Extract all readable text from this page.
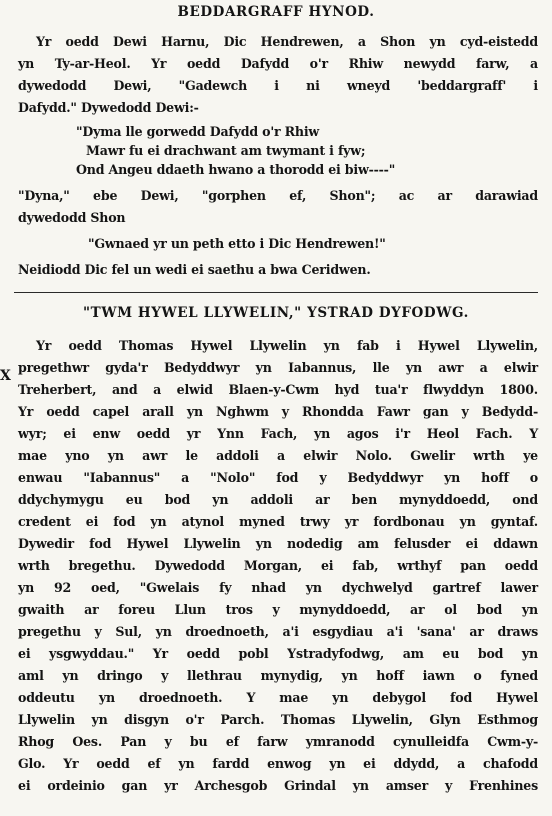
BEDDARGRAFF HYNOD.
Yr oedd Dewi Harnu, Dic Hendrewen, a Shon yn cyd-eistedd
yn Ty-ar-Heol. Yr oedd Dafydd o'r Rhiw newydd farw, a
dywedodd Dewi, "Gadewch i ni wneyd 'beddargraff' i
Dafydd." Dywedodd Dewi:-
"Dyma lle gorwedd Dafydd o'r Rhiw
Mawr fu ei drachwant am twymant i fyw;
Ond Angeu ddaeth hwano a thorodd ei biw----"
"Dyna," ebe Dewi, "gorphen ef, Shon"; ac ar darawiad
dywedodd Shon
"Gwnaed yr un peth etto i Dic Hendrewen!"
Neidiodd Dic fel un wedi ei saethu a bwa Ceridwen.
"TWM HYWEL LLYWELIN," YSTRAD DYFODWG.
X
Yr oedd Thomas Hywel Llywelin yn fab i Hywel Llywelin,
pregethwr gyda'r Bedyddwyr yn Iabannus, lle yn awr a elwir
Treherbert, and a elwid Blaen-y-Cwm hyd tua'r flwyddyn 1800.
Yr oedd capel arall yn Nghwm y Rhondda Fawr gan y Bedydd-
wyr; ei enw oedd yr Ynn Fach, yn agos i'r Heol Fach. Y
mae yno yn awr le addoli a elwir Nolo. Gwelir wrth ye
enwau "Iabannus" a "Nolo" fod y Bedyddwyr yn hoff o
ddychymygu eu bod yn addoli ar ben mynyddoedd, ond
credent ei fod yn atynol myned trwy yr fordbonau yn gyntaf.
Dywedir fod Hywel Llywelin yn nodedig am felusder ei ddawn
wrth bregethu. Dywedodd Morgan, ei fab, wrthyf pan oedd
yn 92 oed, "Gwelais fy nhad yn dychwelyd gartref lawer
gwaith ar foreu Llun tros y mynyddoedd, ar ol bod yn
pregethu y Sul, yn droednoeth, a'i esgydiau a'i 'sana' ar draws
ei ysgwyddau." Yr oedd pobl Ystradyfodwg, am eu bod yn
aml yn dringo y llethrau mynydig, yn hoff iawn o fyned
oddeutu yn droednoeth. Y mae yn debygol fod Hywel
Llywelin yn disgyn o'r Parch. Thomas Llywelin, Glyn Esthmog
Rhog Oes. Pan y bu ef farw ymranodd cynulleidfa Cwm-y-
Glo. Yr oedd ef yn fardd enwog yn ei ddydd, a chafodd
ei ordeinio gan yr Archesgob Grindal yn amser y Frenhines
